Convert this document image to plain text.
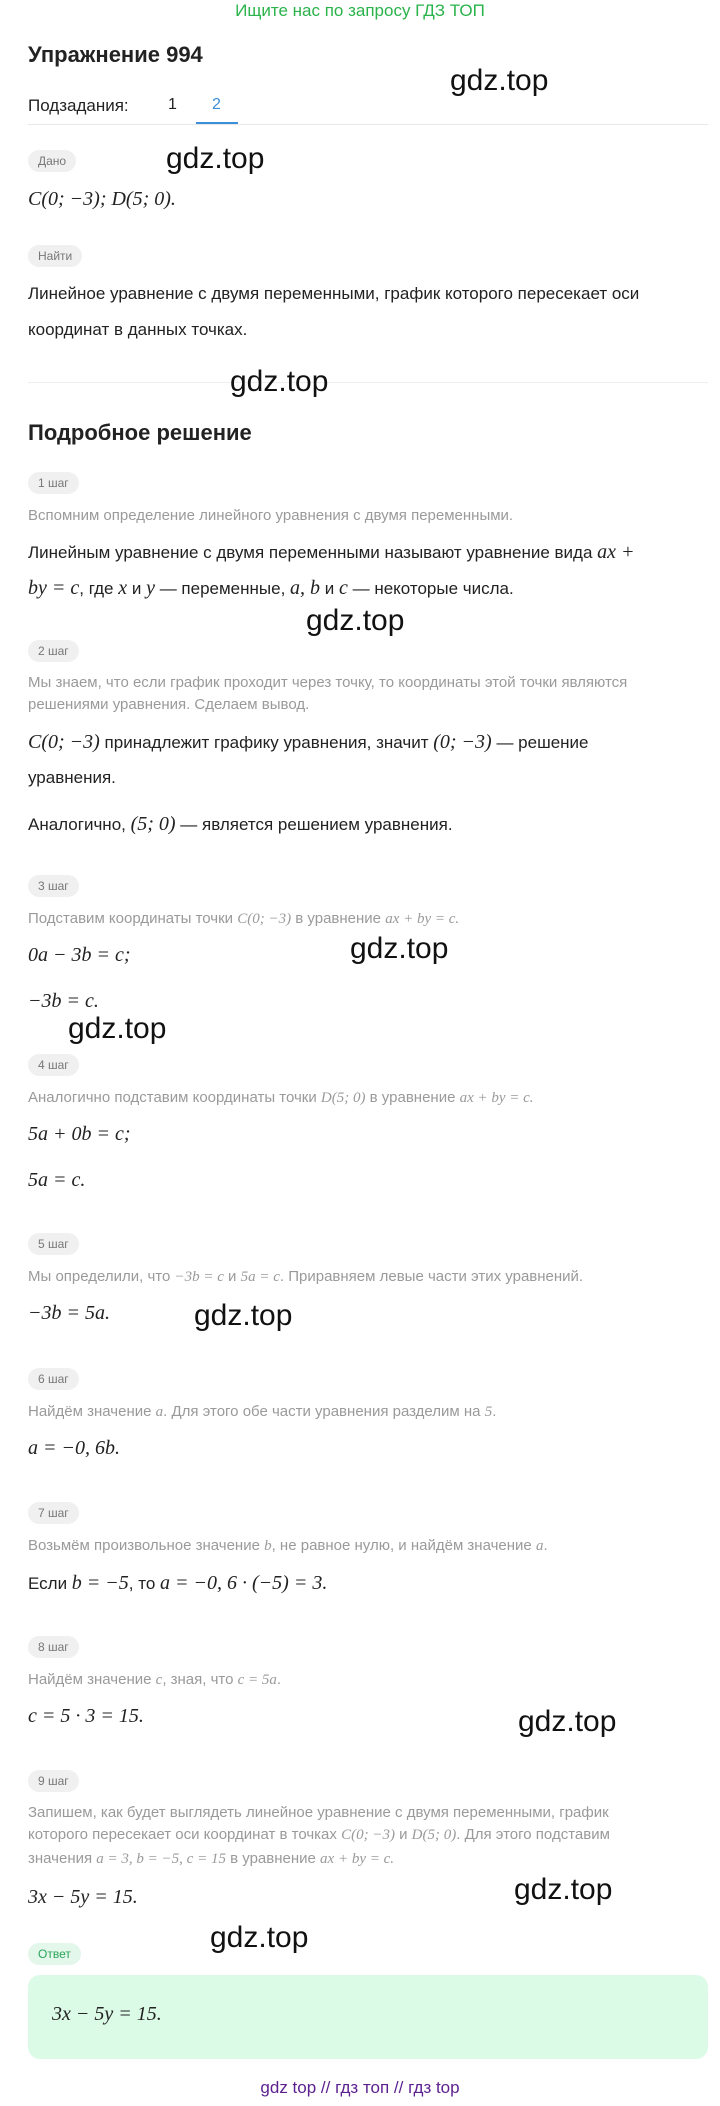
Ищите нас по запросу ГДЗ ТОП
Упражнение 994
Подзадания: 1 2
Дано
C(0; −3); D(5; 0).
Найти
Линейное уравнение с двумя переменными, график которого пересекает оси
координат в данных точках.
Подробное решение
1 шаг
Вспомним определение линейного уравнения с двумя переменными.
Линейным уравнение с двумя переменными называют уравнение вида ax +
by = c, где x и y — переменные, a, b и c — некоторые числа.
2 шаг
Мы знаем, что если график проходит через точку, то координаты этой точки являются
решениями уравнения. Сделаем вывод.
C(0; −3) принадлежит графику уравнения, значит (0; −3) — решение
уравнения.
Аналогично, (5; 0) — является решением уравнения.
3 шаг
Подставим координаты точки C(0; −3) в уравнение ax + by = c.
0a − 3b = c;
−3b = c.
4 шаг
Аналогично подставим координаты точки D(5; 0) в уравнение ax + by = c.
5a + 0b = c;
5a = c.
5 шаг
Мы определили, что −3b = c и 5a = c. Приравняем левые части этих уравнений.
−3b = 5a.
6 шаг
Найдём значение a. Для этого обе части уравнения разделим на 5.
a = −0, 6b.
7 шаг
Возьмём произвольное значение b, не равное нулю, и найдём значение a.
Если b = −5, то a = −0, 6 · (−5) = 3.
8 шаг
Найдём значение c, зная, что c = 5a.
c = 5 · 3 = 15.
9 шаг
Запишем, как будет выглядеть линейное уравнение с двумя переменными, график
которого пересекает оси координат в точках C(0; −3) и D(5; 0). Для этого подставим
значения a = 3, b = −5, c = 15 в уравнение ax + by = c.
3x − 5y = 15.
Ответ
3x − 5y = 15.
gdz.top
gdz.top
gdz.top
gdz.top
gdz.top
gdz.top
gdz.top
gdz.top
gdz.top
gdz.top
gdz top // гдз топ // гдз top
